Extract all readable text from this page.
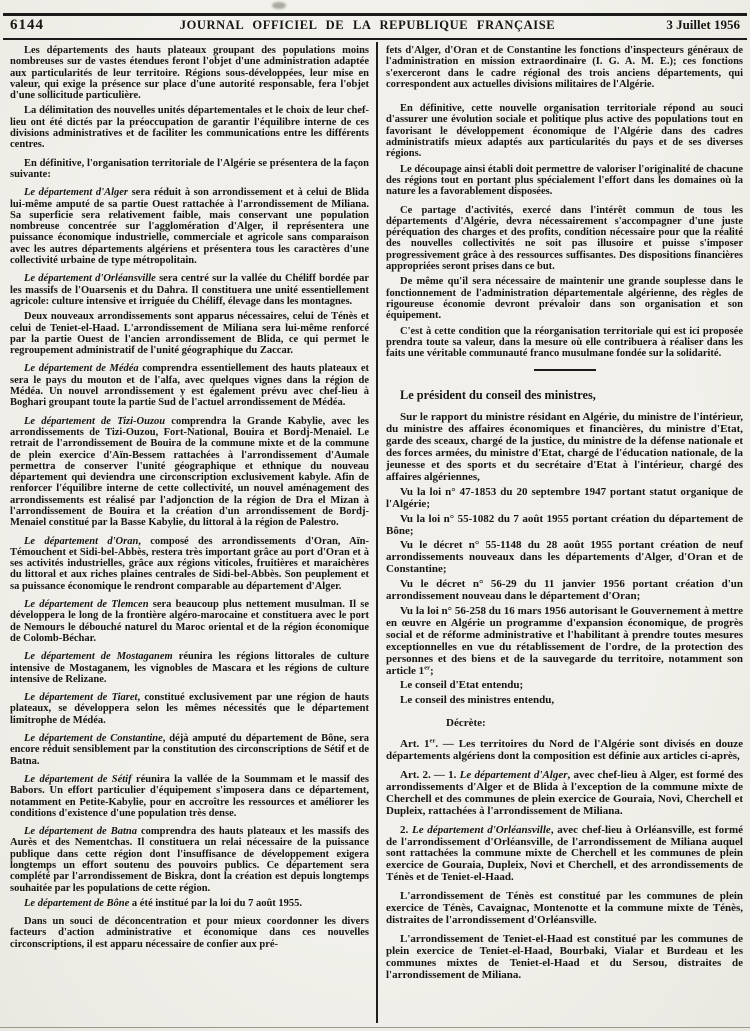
6144	JOURNAL OFFICIEL DE LA REPUBLIQUE FRANÇAISE	3 Juillet 1956

Les départements des hauts plateaux groupant des populations moins nombreuses sur de vastes étendues feront l'objet d'une administration adaptée aux particularités de leur territoire. Régions sous-développées, leur mise en valeur, qui exige la présence sur place d'une autorité responsable, fera l'objet d'une sollicitude particulière.

La délimitation des nouvelles unités départementales et le choix de leur chef-lieu ont été dictés par la préoccupation de garantir l'équilibre interne de ces divisions administratives et de faciliter les communications entre les différents centres.

En définitive, l'organisation territoriale de l'Algérie se présentera de la façon suivante:

Le département d'Alger sera réduit à son arrondissement et à celui de Blida lui-même amputé de sa partie Ouest rattachée à l'arrondissement de Miliana. Sa superficie sera relativement faible, mais conservant une population nombreuse concentrée sur l'agglomération d'Alger, il représentera une puissance économique industrielle, commerciale et agricole sans comparaison avec les autres départements algériens et présentera tous les caractères d'une collectivité urbaine de type métropolitain.

Le département d'Orléansville sera centré sur la vallée du Chéliff bordée par les massifs de l'Ouarsenis et du Dahra. Il constituera une unité essentiellement agricole: culture intensive et irriguée du Chéliff, élevage dans les montagnes.

Deux nouveaux arrondissements sont apparus nécessaires, celui de Ténès et celui de Teniet-el-Haad. L'arrondissement de Miliana sera lui-même renforcé par la partie Ouest de l'ancien arrondissement de Blida, ce qui permet le regroupement administratif de l'unité géographique du Zaccar.

Le département de Médéa comprendra essentiellement des hauts plateaux et sera le pays du mouton et de l'alfa, avec quelques vignes dans la région de Médéa. Un nouvel arrondissement y est également prévu avec chef-lieu à Boghari groupant toute la partie Sud de l'actuel arrondissement de Médéa.

Le département de Tizi-Ouzou comprendra la Grande Kabylie, avec les arrondissements de Tizi-Ouzou, Fort-National, Bouira et Bordj-Menaiel. Le retrait de l'arrondissement de Bouira de la commune mixte et de la commune de plein exercice d'Aïn-Bessem rattachées à l'arrondissement d'Aumale permettra de conserver l'unité géographique et ethnique du nouveau département qui deviendra une circonscription exclusivement kabyle. Afin de renforcer l'équilibre interne de cette collectivité, un nouvel aménagement des arrondissements est réalisé par l'adjonction de la région de Dra el Mizan à l'arrondissement de Bouira et la création d'un arrondissement de Bordj-Menaiel constitué par la Basse Kabylie, du littoral à la région de Palestro.

Le département d'Oran, composé des arrondissements d'Oran, Aïn-Témouchent et Sidi-bel-Abbès, restera très important grâce au port d'Oran et à ses activités industrielles, grâce aux régions viticoles, fruitières et maraichères du littoral et aux riches plaines centrales de Sidi-bel-Abbès. Son peuplement et sa puissance économique le rendront comparable au département d'Alger.

Le département de Tlemcen sera beaucoup plus nettement musulman. Il se développera le long de la frontière algéro-marocaine et constituera avec le port de Nemours le débouché naturel du Maroc oriental et de la région économique de Colomb-Béchar.

Le département de Mostaganem réunira les régions littorales de culture intensive de Mostaganem, les vignobles de Mascara et les régions de culture intensive de Relizane.

Le département de Tiaret, constitué exclusivement par une région de hauts plateaux, se développera selon les mêmes nécessités que le département limitrophe de Médéa.

Le département de Constantine, déjà amputé du département de Bône, sera encore réduit sensiblement par la constitution des circonscriptions de Sétif et de Batna.

Le département de Sétif réunira la vallée de la Soummam et le massif des Babors. Un effort particulier d'équipement s'imposera dans ce département, notamment en Petite-Kabylie, pour en accroître les ressources et améliorer les conditions d'existence d'une population très dense.

Le département de Batna comprendra des hauts plateaux et les massifs des Aurès et des Nementchas. Il constituera un relai nécessaire de la puissance publique dans cette région dont l'insuffisance de développement exigera longtemps un effort soutenu des pouvoirs publics. Ce département sera complété par l'arrondissement de Biskra, dont la création est depuis longtemps souhaitée par les populations de cette région.

Le département de Bône a été institué par la loi du 7 août 1955.

Dans un souci de déconcentration et pour mieux coordonner les divers facteurs d'action administrative et économique dans ces nouvelles circonscriptions, il est apparu nécessaire de confier aux pré-

fets d'Alger, d'Oran et de Constantine les fonctions d'inspecteurs généraux de l'administration en mission extraordinaire (I. G. A. M. E.); ces fonctions s'exerceront dans le cadre régional des trois anciens départements, qui correspondent aux actuelles divisions militaires de l'Algérie.

En définitive, cette nouvelle organisation territoriale répond au souci d'assurer une évolution sociale et politique plus active des populations tout en favorisant le développement économique de l'Algérie dans des cadres administratifs mieux adaptés aux particularités du pays et de ses diverses régions.

Le découpage ainsi établi doit permettre de valoriser l'originalité de chacune des régions tout en portant plus spécialement l'effort dans les domaines où la nature les a favorablement disposées.

Ce partage d'activités, exercé dans l'intérêt commun de tous les départements d'Algérie, devra nécessairement s'accompagner d'une juste péréquation des charges et des profits, condition nécessaire pour que la réalité des nouvelles collectivités ne soit pas illusoire et puisse s'imposer progressivement grâce à des ressources suffisantes. Des dispositions financières appropriées seront prises dans ce but.

De même qu'il sera nécessaire de maintenir une grande souplesse dans le fonctionnement de l'administration départementale algérienne, des règles de rigoureuse économie devront prévaloir dans son organisation et son équipement.

C'est à cette condition que la réorganisation territoriale qui est ici proposée prendra toute sa valeur, dans la mesure où elle contribuera à réaliser dans les faits une véritable communauté franco musulmane fondée sur la solidarité.

Le président du conseil des ministres,

Sur le rapport du ministre résidant en Algérie, du ministre de l'intérieur, du ministre des affaires économiques et financières, du ministre d'Etat, garde des sceaux, chargé de la justice, du ministre de la défense nationale et des forces armées, du ministre d'Etat, chargé de l'éducation nationale, de la jeunesse et des sports et du secrétaire d'Etat à l'intérieur, chargé des affaires algériennes,

Vu la loi n° 47-1853 du 20 septembre 1947 portant statut organique de l'Algérie;

Vu la loi n° 55-1082 du 7 août 1955 portant création du département de Bône;

Vu le décret n° 55-1148 du 28 août 1955 portant création de neuf arrondissements nouveaux dans les départements d'Alger, d'Oran et de Constantine;

Vu le décret n° 56-29 du 11 janvier 1956 portant création d'un arrondissement nouveau dans le département d'Oran;

Vu la loi n° 56-258 du 16 mars 1956 autorisant le Gouvernement à mettre en œuvre en Algérie un programme d'expansion économique, de progrès social et de réforme administrative et l'habilitant à prendre toutes mesures exceptionnelles en vue du rétablissement de l'ordre, de la protection des personnes et des biens et de la sauvegarde du territoire, notamment son article 1er;

Le conseil d'Etat entendu;

Le conseil des ministres entendu,

Décrète:

Art. 1er. — Les territoires du Nord de l'Algérie sont divisés en douze départements algériens dont la composition est définie aux articles ci-après,

Art. 2. — 1. Le département d'Alger, avec chef-lieu à Alger, est formé des arrondissements d'Alger et de Blida à l'exception de la commune mixte de Cherchell et des communes de plein exercice de Gouraia, Novi, Cherchell et Dupleix, rattachées à l'arrondissement de Miliana.

2. Le département d'Orléansville, avec chef-lieu à Orléansville, est formé de l'arrondissement d'Orléansville, de l'arrondissement de Miliana auquel sont rattachées la commune mixte de Cherchell et les communes de plein exercice de Gouraia, Dupleix, Novi et Cherchell, et des arrondissements de Ténès et de Teniet-el-Haad.

L'arrondissement de Ténès est constitué par les communes de plein exercice de Ténès, Cavaignac, Montenotte et la commune mixte de Ténès, distraites de l'arrondissement d'Orléansville.

L'arrondissement de Teniet-el-Haad est constitué par les communes de plein exercice de Teniet-el-Haad, Bourbaki, Vialar et Burdeau et les communes mixtes de Teniet-el-Haad et du Sersou, distraites de l'arrondissement de Miliana.
